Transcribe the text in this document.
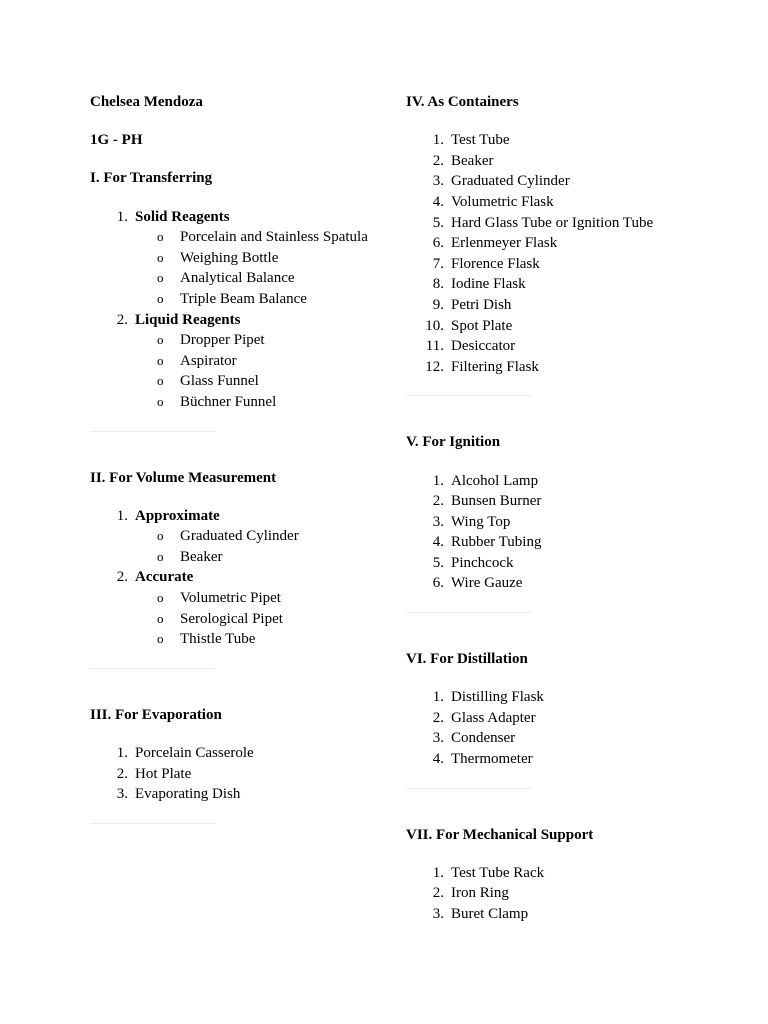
Chelsea Mendoza
1G - PH
I. For Transferring
1. Solid Reagents
o Porcelain and Stainless Spatula
o Weighing Bottle
o Analytical Balance
o Triple Beam Balance
2. Liquid Reagents
o Dropper Pipet
o Aspirator
o Glass Funnel
o Büchner Funnel
II. For Volume Measurement
1. Approximate
o Graduated Cylinder
o Beaker
2. Accurate
o Volumetric Pipet
o Serological Pipet
o Thistle Tube
III. For Evaporation
1. Porcelain Casserole
2. Hot Plate
3. Evaporating Dish
IV. As Containers
1. Test Tube
2. Beaker
3. Graduated Cylinder
4. Volumetric Flask
5. Hard Glass Tube or Ignition Tube
6. Erlenmeyer Flask
7. Florence Flask
8. Iodine Flask
9. Petri Dish
10. Spot Plate
11. Desiccator
12. Filtering Flask
V. For Ignition
1. Alcohol Lamp
2. Bunsen Burner
3. Wing Top
4. Rubber Tubing
5. Pinchcock
6. Wire Gauze
VI. For Distillation
1. Distilling Flask
2. Glass Adapter
3. Condenser
4. Thermometer
VII. For Mechanical Support
1. Test Tube Rack
2. Iron Ring
3. Buret Clamp
